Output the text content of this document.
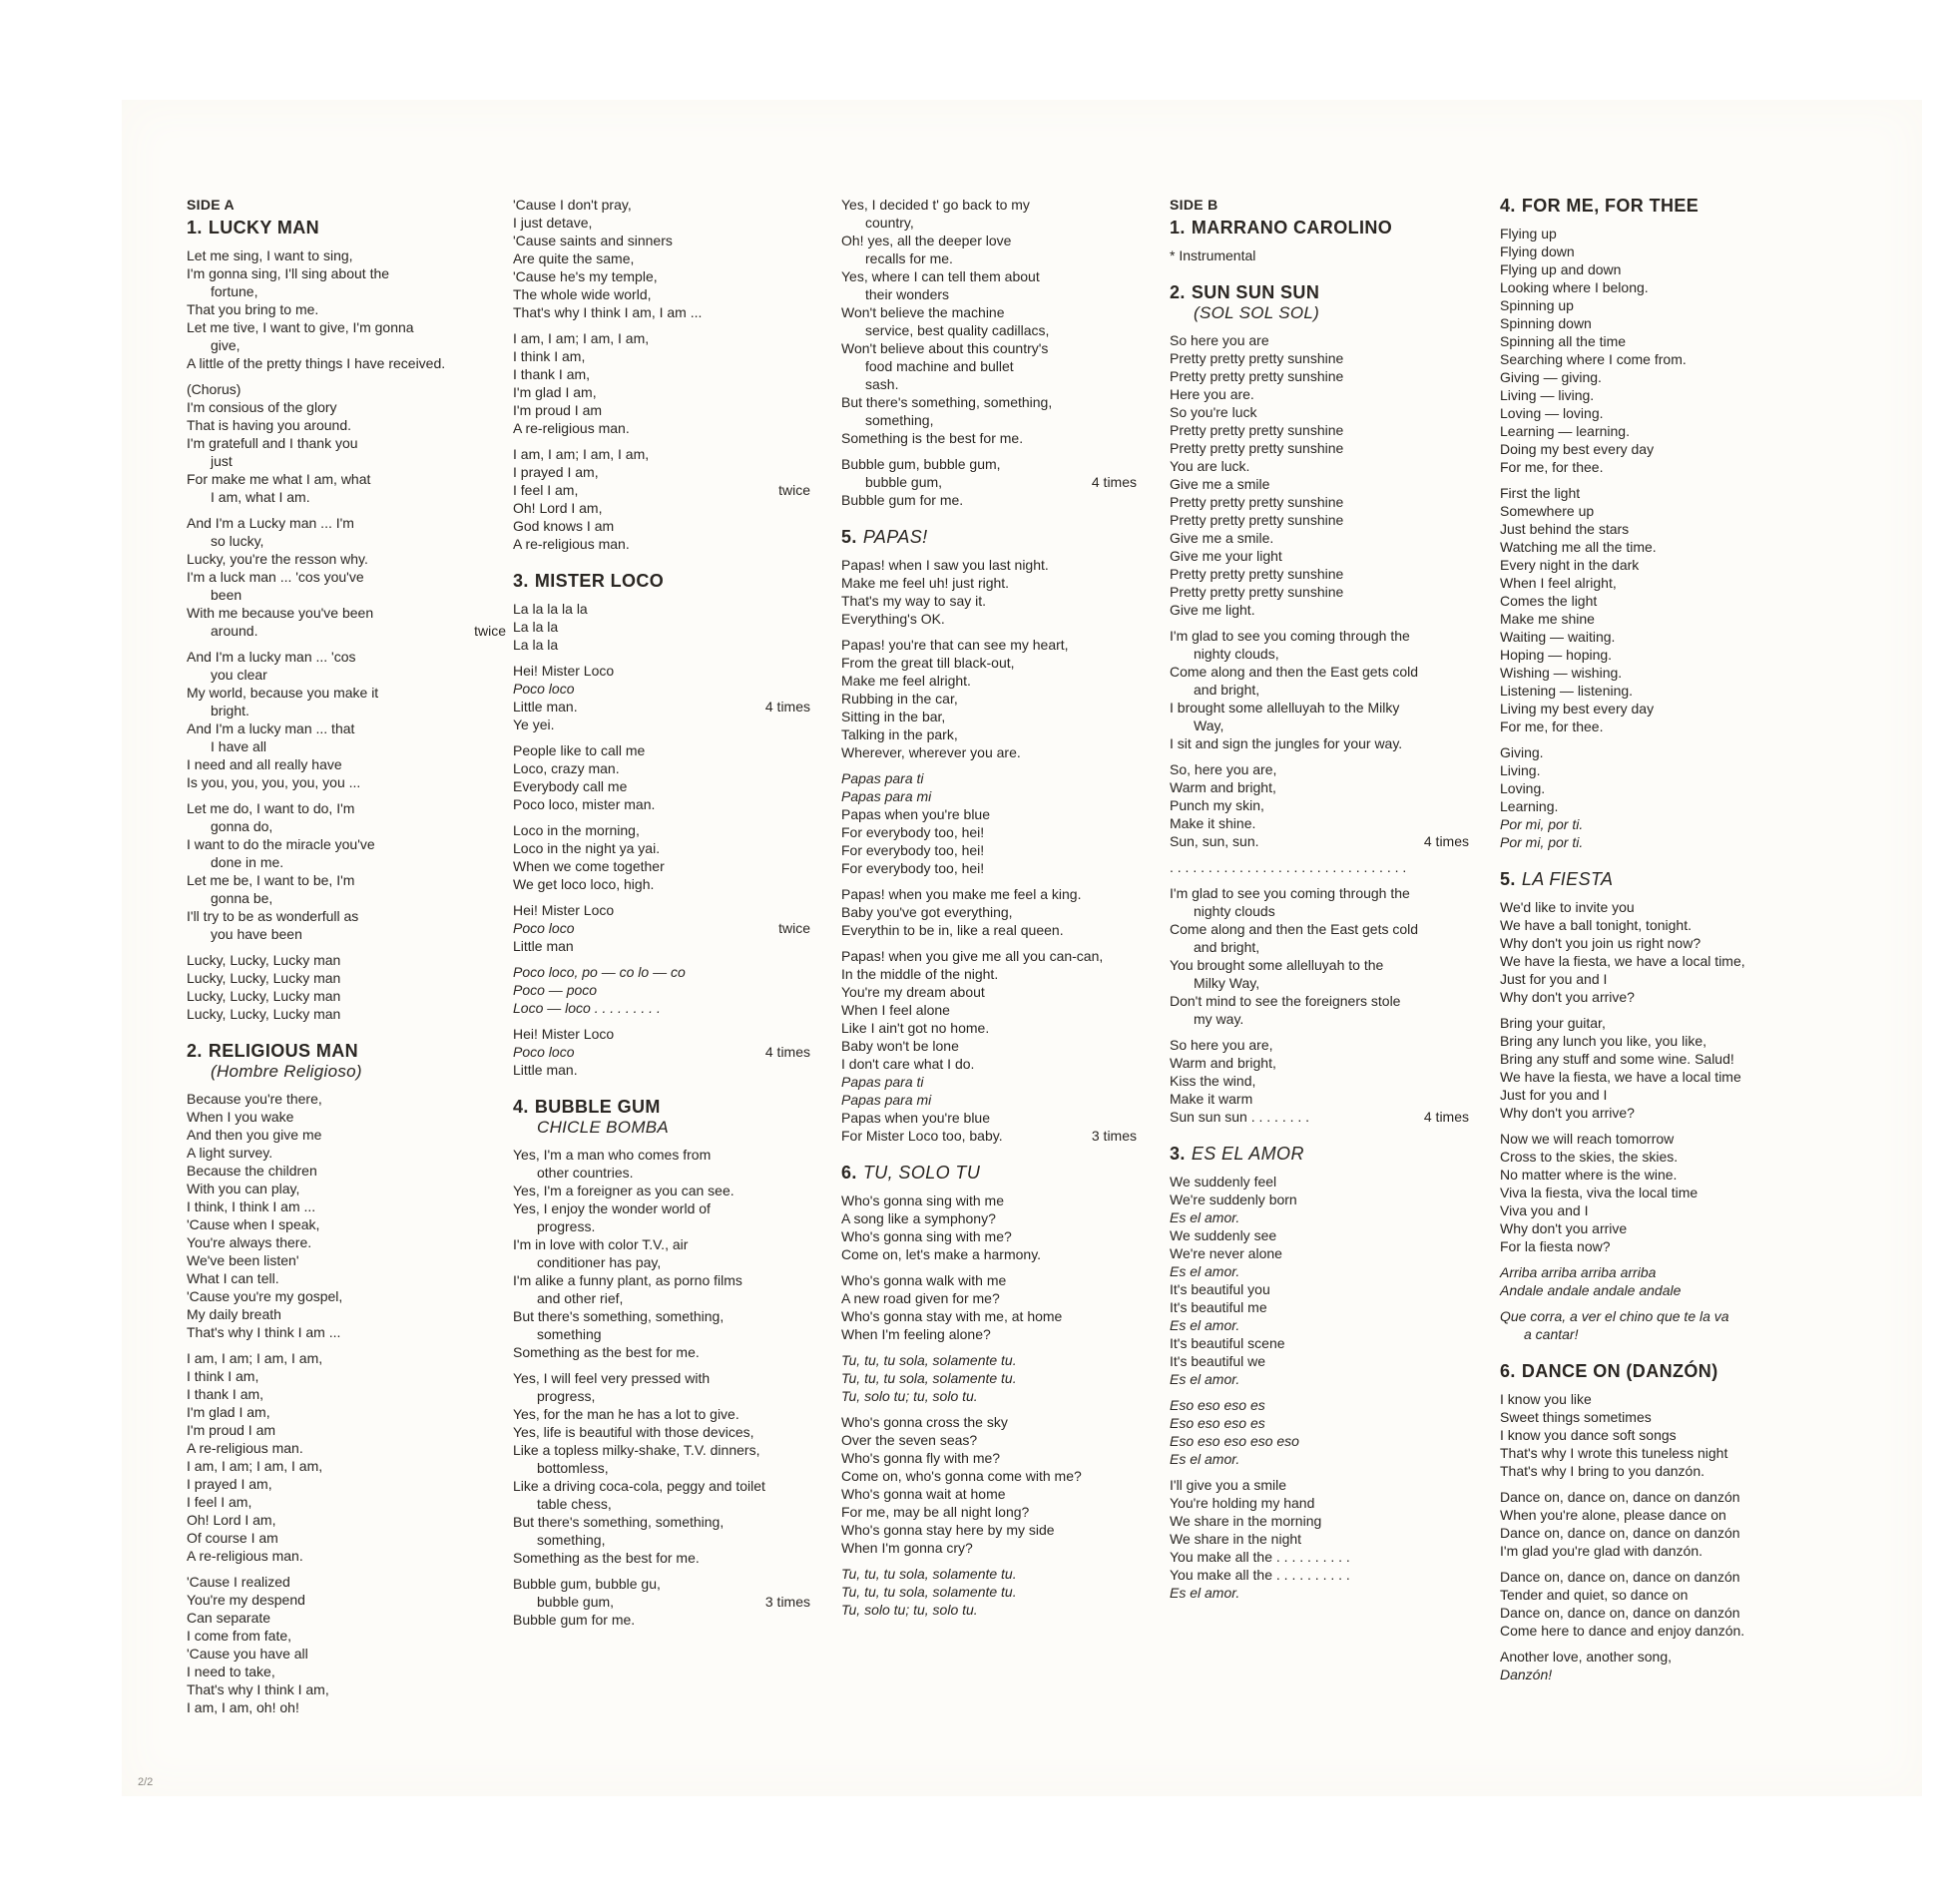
SIDE A
1. LUCKY MAN
Let me sing, I want to sing,
I'm gonna sing, I'll sing about the
fortune,
That you bring to me.
Let me tive, I want to give, I'm gonna
give,
A little of the pretty things I have received.
(Chorus)
I'm consious of the glory
That is having you around.
I'm gratefull and I thank you
just
For make me what I am, what
I am, what I am.
And I'm a Lucky man ... I'm
so lucky,
Lucky, you're the resson why.
I'm a luck man ... 'cos you've
been
With me because you've been
around.	twice
And I'm a lucky man ... 'cos
you clear
My world, because you make it
bright.
And I'm a lucky man ... that
I have all
I need and all really have
Is you, you, you, you, you ...
Let me do, I want to do, I'm
gonna do,
I want to do the miracle you've
done in me.
Let me be, I want to be, I'm
gonna be,
I'll try to be as wonderfull as
you have been
Lucky, Lucky, Lucky man
Lucky, Lucky, Lucky man
Lucky, Lucky, Lucky man
Lucky, Lucky, Lucky man
2. RELIGIOUS MAN
(Hombre Religioso)
Because you're there,
When I you wake
And then you give me
A light survey.
Because the children
With you can play,
I think, I think I am ...
'Cause when I speak,
You're always there.
We've been listen'
What I can tell.
'Cause you're my gospel,
My daily breath
That's why I think I am ...
I am, I am; I am, I am,
I think I am,
I thank I am,
I'm glad I am,
I'm proud I am
A re-religious man.
I am, I am; I am, I am,
I prayed I am,
I feel I am,
Oh! Lord I am,
Of course I am
A re-religious man.
'Cause I realized
You're my despend
Can separate
I come from fate,
'Cause you have all
I need to take,
That's why I think I am,
I am, I am, oh! oh!
'Cause I don't pray,
I just detave,
'Cause saints and sinners
Are quite the same,
'Cause he's my temple,
The whole wide world,
That's why I think I am, I am ...
I am, I am; I am, I am,
I think I am,
I thank I am,
I'm glad I am,
I'm proud I am
A re-religious man.
I am, I am; I am, I am,
I prayed I am,
I feel I am,	twice
Oh! Lord I am,
God knows I am
A re-religious man.
3. MISTER LOCO
La la la la la
La la la
La la la
Hei! Mister Loco
Poco loco
Little man.	4 times
Ye yei.
People like to call me
Loco, crazy man.
Everybody call me
Poco loco, mister man.
Loco in the morning,
Loco in the night ya yai.
When we come together
We get loco loco, high.
Hei! Mister Loco
Poco loco	twice
Little man
Poco loco, po — co lo — co
Poco — poco
Loco — loco . . . . . . . . .
Hei! Mister Loco
Poco loco	4 times
Little man.
4. BUBBLE GUM
CHICLE BOMBA
Yes, I'm a man who comes from
other countries.
Yes, I'm a foreigner as you can see.
Yes, I enjoy the wonder world of
progress.
I'm in love with color T.V., air
conditioner has pay,
I'm alike a funny plant, as porno films
and other rief,
But there's something, something,
something
Something as the best for me.
Yes, I will feel very pressed with
progress,
Yes, for the man he has a lot to give.
Yes, life is beautiful with those devices,
Like a topless milky-shake, T.V. dinners,
bottomless,
Like a driving coca-cola, peggy and toilet
table chess,
But there's something, something,
something,
Something as the best for me.
Bubble gum, bubble gu,
bubble gum,	3 times
Bubble gum for me.
Yes, I decided t' go back to my
country,
Oh! yes, all the deeper love
recalls for me.
Yes, where I can tell them about
their wonders
Won't believe the machine
service, best quality cadillacs,
Won't believe about this country's
food machine and bullet
sash.
But there's something, something,
something,
Something is the best for me.
Bubble gum, bubble gum,
bubble gum,	4 times
Bubble gum for me.
5. PAPAS!
Papas! when I saw you last night.
Make me feel uh! just right.
That's my way to say it.
Everything's OK.
Papas! you're that can see my heart,
From the great till black-out,
Make me feel alright.
Rubbing in the car,
Sitting in the bar,
Talking in the park,
Wherever, wherever you are.
Papas para ti
Papas para mi
Papas when you're blue
For everybody too, hei!
For everybody too, hei!
For everybody too, hei!
Papas! when you make me feel a king.
Baby you've got everything,
Everythin to be in, like a real queen.
Papas! when you give me all you can-can,
In the middle of the night.
You're my dream about
When I feel alone
Like I ain't got no home.
Baby won't be lone
I don't care what I do.
Papas para ti
Papas para mi
Papas when you're blue
For Mister Loco too, baby.	3 times
6. TU, SOLO TU
Who's gonna sing with me
A song like a symphony?
Who's gonna sing with me?
Come on, let's make a harmony.
Who's gonna walk with me
A new road given for me?
Who's gonna stay with me, at home
When I'm feeling alone?
Tu, tu, tu sola, solamente tu.
Tu, tu, tu sola, solamente tu.
Tu, solo tu; tu, solo tu.
Who's gonna cross the sky
Over the seven seas?
Who's gonna fly with me?
Come on, who's gonna come with me?
Who's gonna wait at home
For me, may be all night long?
Who's gonna stay here by my side
When I'm gonna cry?
Tu, tu, tu sola, solamente tu.
Tu, tu, tu sola, solamente tu.
Tu, solo tu; tu, solo tu.
SIDE B
1. MARRANO CAROLINO
* Instrumental
2. SUN SUN SUN
(SOL SOL SOL)
So here you are
Pretty pretty pretty sunshine
Pretty pretty pretty sunshine
Here you are.
So you're luck
Pretty pretty pretty sunshine
Pretty pretty pretty sunshine
You are luck.
Give me a smile
Pretty pretty pretty sunshine
Pretty pretty pretty sunshine
Give me a smile.
Give me your light
Pretty pretty pretty sunshine
Pretty pretty pretty sunshine
Give me light.
I'm glad to see you coming through the
nighty clouds,
Come along and then the East gets cold
and bright,
I brought some allelluyah to the Milky
Way,
I sit and sign the jungles for your way.
So, here you are,
Warm and bright,
Punch my skin,
Make it shine.
Sun, sun, sun.	4 times
. . . . . . . . . . . . . . . . . . . . . . . . . . . . . . .
I'm glad to see you coming through the
nighty clouds
Come along and then the East gets cold
and bright,
You brought some allelluyah to the
Milky Way,
Don't mind to see the foreigners stole
my way.
So here you are,
Warm and bright,
Kiss the wind,
Make it warm
Sun sun sun . . . . . . . .	4 times
3. ES EL AMOR
We suddenly feel
We're suddenly born
Es el amor.
We suddenly see
We're never alone
Es el amor.
It's beautiful you
It's beautiful me
Es el amor.
It's beautiful scene
It's beautiful we
Es el amor.
Eso eso eso es
Eso eso eso es
Eso eso eso eso eso
Es el amor.
I'll give you a smile
You're holding my hand
We share in the morning
We share in the night
You make all the . . . . . . . . . .
You make all the . . . . . . . . . .
Es el amor.
4. FOR ME, FOR THEE
Flying up
Flying down
Flying up and down
Looking where I belong.
Spinning up
Spinning down
Spinning all the time
Searching where I come from.
Giving — giving.
Living — living.
Loving — loving.
Learning — learning.
Doing my best every day
For me, for thee.
First the light
Somewhere up
Just behind the stars
Watching me all the time.
Every night in the dark
When I feel alright,
Comes the light
Make me shine
Waiting — waiting.
Hoping — hoping.
Wishing — wishing.
Listening — listening.
Living my best every day
For me, for thee.
Giving.
Living.
Loving.
Learning.
Por mi, por ti.
Por mi, por ti.
5. LA FIESTA
We'd like to invite you
We have a ball tonight, tonight.
Why don't you join us right now?
We have la fiesta, we have a local time,
Just for you and I
Why don't you arrive?
Bring your guitar,
Bring any lunch you like, you like,
Bring any stuff and some wine. Salud!
We have la fiesta, we have a local time
Just for you and I
Why don't you arrive?
Now we will reach tomorrow
Cross to the skies, the skies.
No matter where is the wine.
Viva la fiesta, viva the local time
Viva you and I
Why don't you arrive
For la fiesta now?
Arriba arriba arriba arriba
Andale andale andale andale
Que corra, a ver el chino que te la va
a cantar!
6. DANCE ON (DANZÓN)
I know you like
Sweet things sometimes
I know you dance soft songs
That's why I wrote this tuneless night
That's why I bring to you danzón.
Dance on, dance on, dance on danzón
When you're alone, please dance on
Dance on, dance on, dance on danzón
I'm glad you're glad with danzón.
Dance on, dance on, dance on danzón
Tender and quiet, so dance on
Dance on, dance on, dance on danzón
Come here to dance and enjoy danzón.
Another love, another song,
Danzón!
2/2
